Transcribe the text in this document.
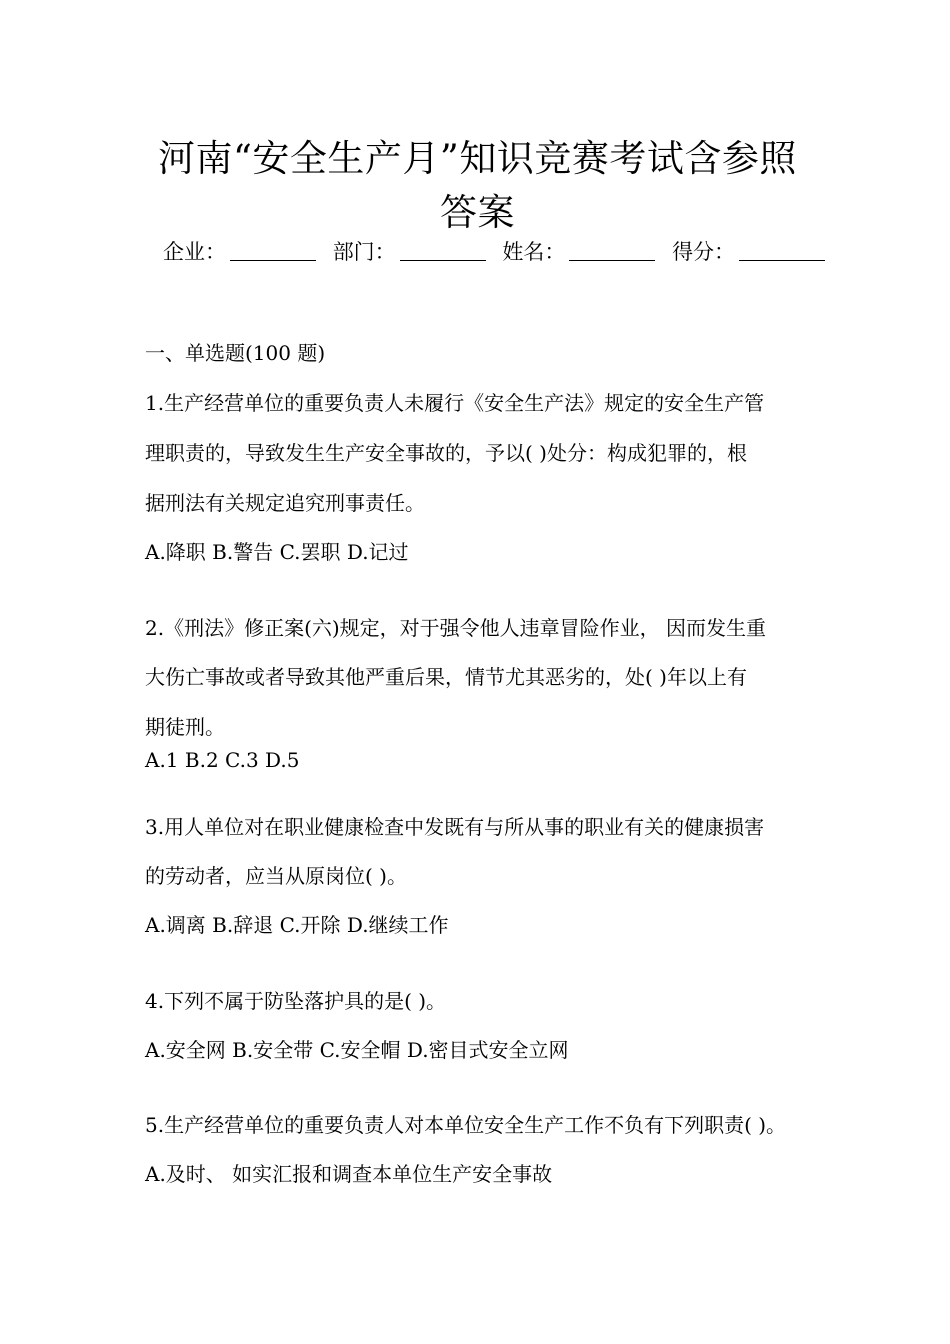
河南“安全生产月”知识竞赛考试含参照
答案
企业：	部门：	姓名：	得分：
一、单选题(100 题)
1.生产经营单位的重要负责人未履行《安全生产法》规定的安全生产管
理职责的，导致发生生产安全事故的，予以( )处分：构成犯罪的，根
据刑法有关规定追究刑事责任。
A.降职 B.警告 C.罢职 D.记过
2.《刑法》修正案(六)规定，对于强令他人违章冒险作业， 因而发生重
大伤亡事故或者导致其他严重后果，情节尤其恶劣的，处( )年以上有
期徒刑。
A.1 B.2 C.3 D.5
3.用人单位对在职业健康检查中发既有与所从事的职业有关的健康损害
的劳动者，应当从原岗位( )。
A.调离 B.辞退 C.开除 D.继续工作
4.下列不属于防坠落护具的是( )。
A.安全网 B.安全带 C.安全帽 D.密目式安全立网
5.生产经营单位的重要负责人对本单位安全生产工作不负有下列职责( )。
A.及时、 如实汇报和调查本单位生产安全事故
